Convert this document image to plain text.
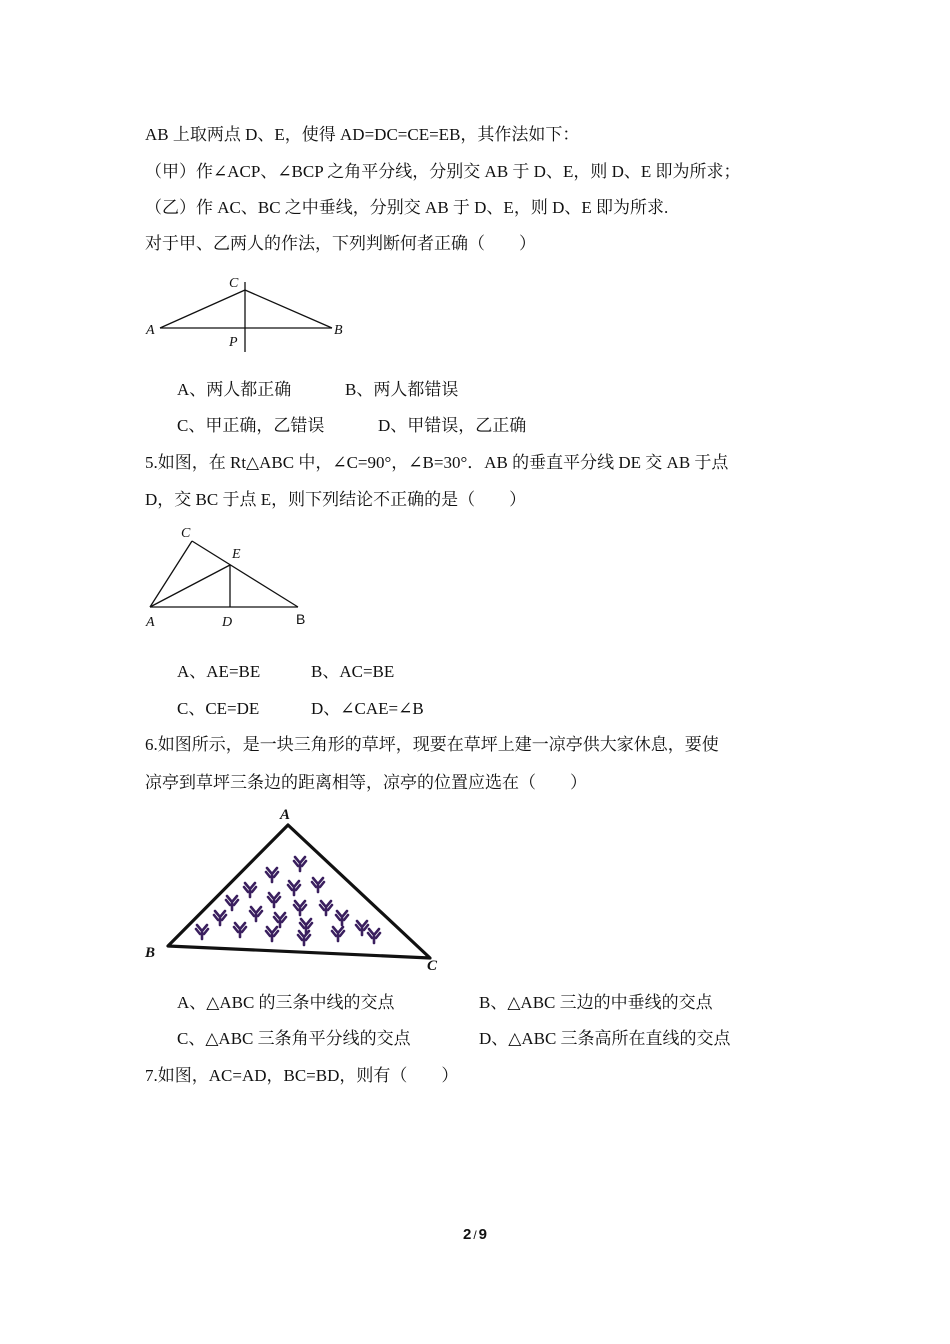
AB 上取两点 D、E，使得 AD=DC=CE=EB，其作法如下：
（甲）作∠ACP、∠BCP 之角平分线，分别交 AB 于 D、E，则 D、E 即为所求；
（乙）作 AC、BC 之中垂线，分别交 AB 于 D、E，则 D、E 即为所求.
对于甲、乙两人的作法，下列判断何者正确（　　）
C
A	B
P
A、两人都正确	B、两人都错误
C、甲正确，乙错误	D、甲错误，乙正确
5.如图，在 Rt△ABC 中，∠C=90°，∠B=30°．AB 的垂直平分线 DE 交 AB 于点
D，交 BC 于点 E，则下列结论不正确的是（　　）
C
E
A	D	B
A、AE=BE	B、AC=BE
C、CE=DE	D、∠CAE=∠B
6.如图所示，是一块三角形的草坪，现要在草坪上建一凉亭供大家休息，要使
凉亭到草坪三条边的距离相等，凉亭的位置应选在（　　）
A
B
C
A、△ABC 的三条中线的交点	B、△ABC 三边的中垂线的交点
C、△ABC 三条角平分线的交点	D、△ABC 三条高所在直线的交点
7.如图，AC=AD，BC=BD，则有（　　）
2 / 9
